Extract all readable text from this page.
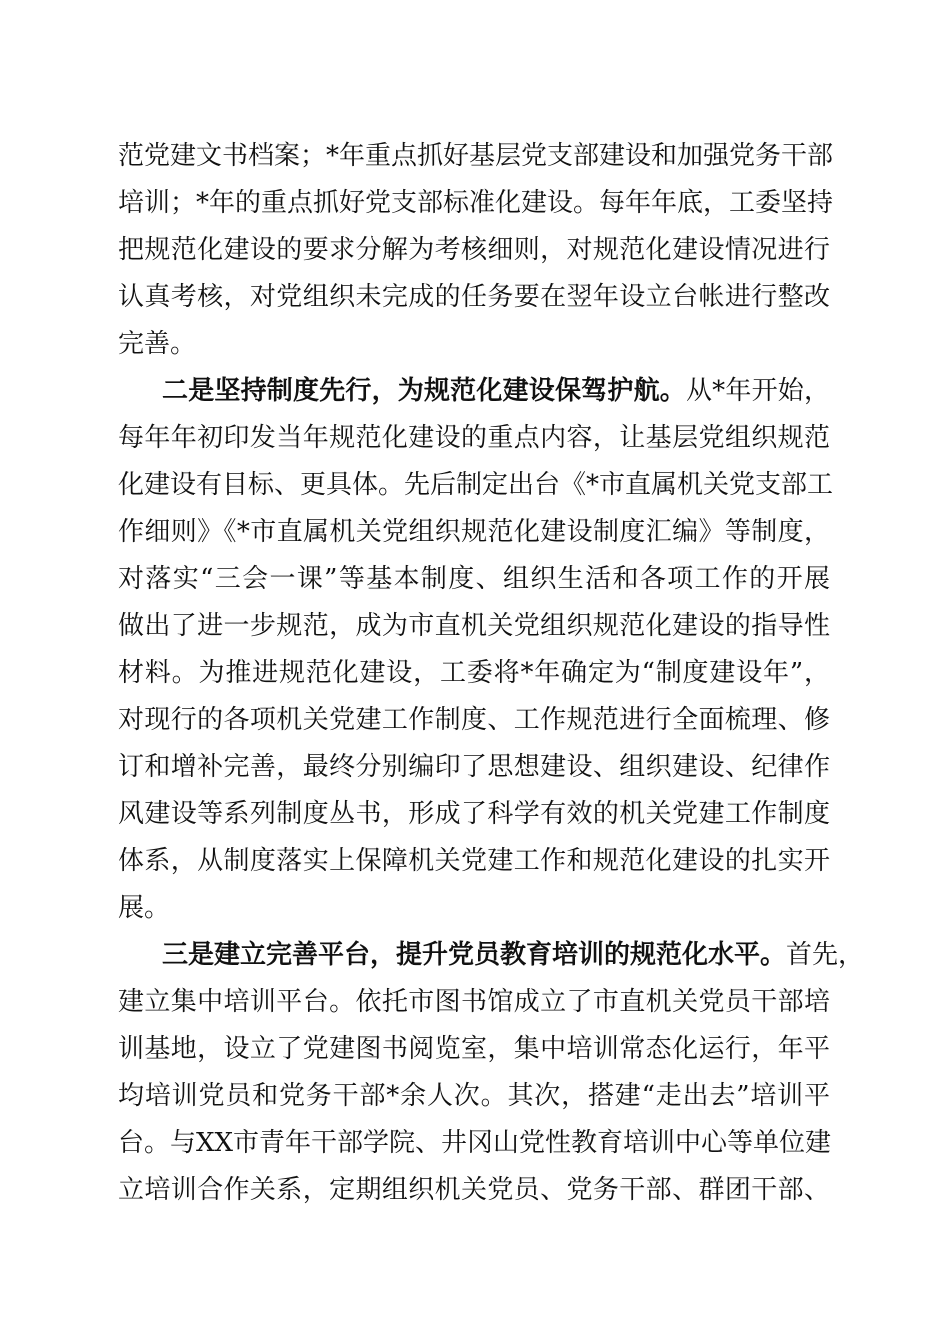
范党建文书档案；*年重点抓好基层党支部建设和加强党务干部
培训；*年的重点抓好党支部标准化建设。每年年底，工委坚持
把规范化建设的要求分解为考核细则，对规范化建设情况进行
认真考核，对党组织未完成的任务要在翌年设立台帐进行整改
完善。
二是坚持制度先行，为规范化建设保驾护航。从*年开始，
每年年初印发当年规范化建设的重点内容，让基层党组织规范
化建设有目标、更具体。先后制定出台《*市直属机关党支部工
作细则》《*市直属机关党组织规范化建设制度汇编》等制度，
对落实“三会一课”等基本制度、组织生活和各项工作的开展
做出了进一步规范，成为市直机关党组织规范化建设的指导性
材料。为推进规范化建设，工委将*年确定为“制度建设年”，
对现行的各项机关党建工作制度、工作规范进行全面梳理、修
订和增补完善，最终分别编印了思想建设、组织建设、纪律作
风建设等系列制度丛书，形成了科学有效的机关党建工作制度
体系，从制度落实上保障机关党建工作和规范化建设的扎实开
展。
三是建立完善平台，提升党员教育培训的规范化水平。首先，
建立集中培训平台。依托市图书馆成立了市直机关党员干部培
训基地，设立了党建图书阅览室，集中培训常态化运行，年平
均培训党员和党务干部*余人次。其次，搭建“走出去”培训平
台。与XX市青年干部学院、井冈山党性教育培训中心等单位建
立培训合作关系，定期组织机关党员、党务干部、群团干部、
